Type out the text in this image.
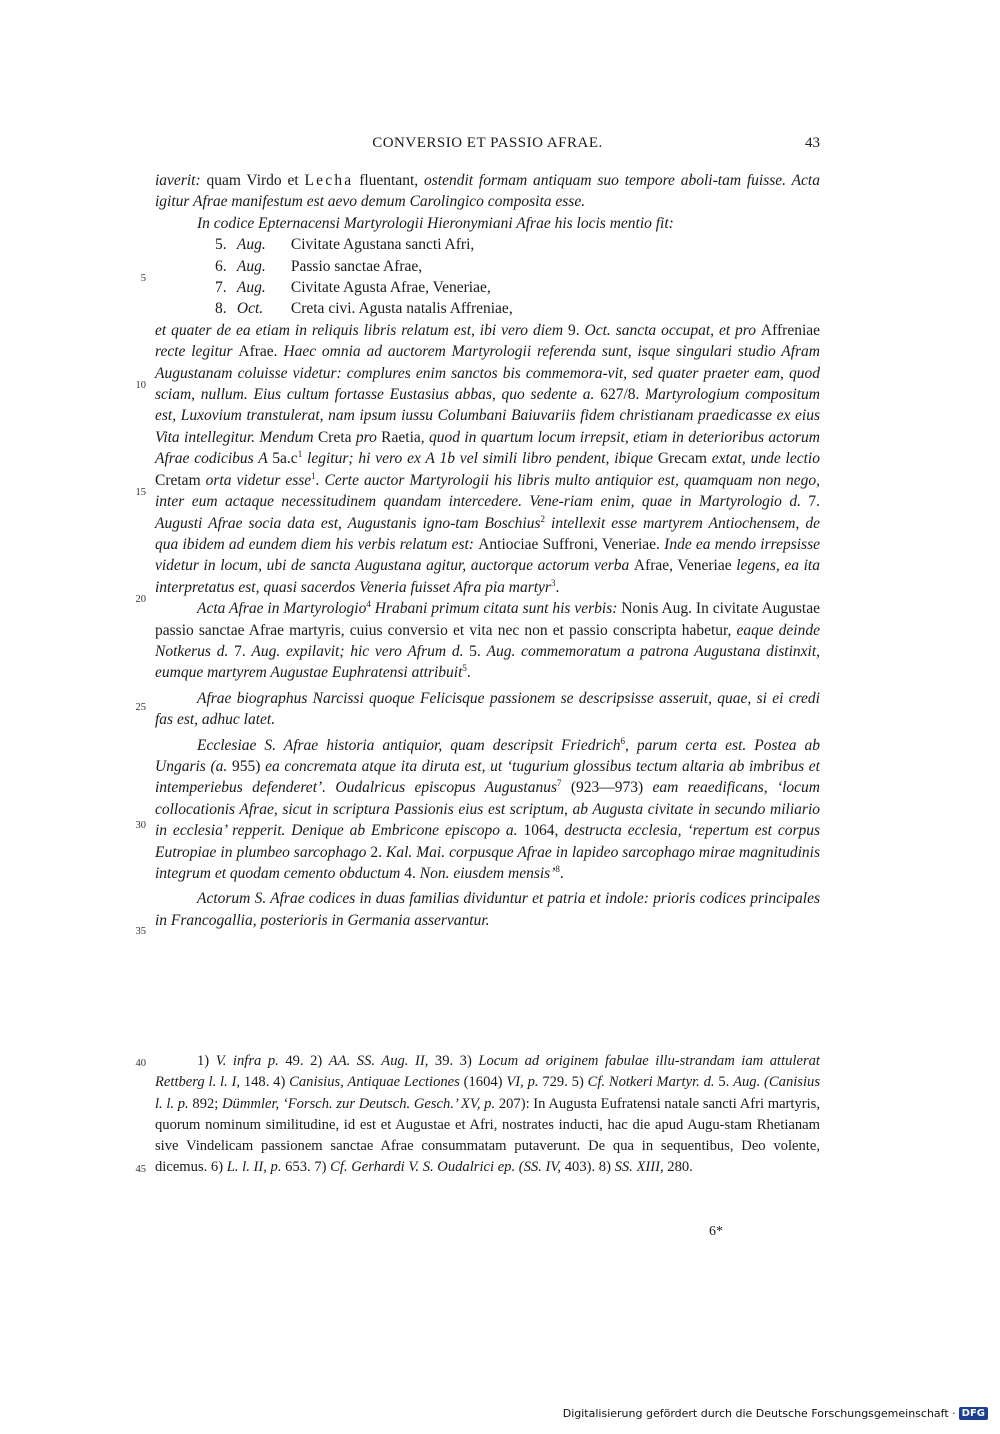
CONVERSIO ET PASSIO AFRAE.	43
5
10
15
20
25
30
35
40
45

iaverit: quam Virdo et Lecha fluentant, ostendit formam antiquam suo tempore aboli-tam fuisse. Acta igitur Afrae manifestum est aevo demum Carolingico composita esse.

In codice Epternacensi Martyrologii Hieronymiani Afrae his locis mentio fit:

5. Aug. Civitate Agustana sancti Afri,
6. Aug. Passio sanctae Afrae,
7. Aug. Civitate Agusta Afrae, Veneriae,
8. Oct. Creta civi. Agusta natalis Affreniae,

et quater de ea etiam in reliquis libris relatum est, ibi vero diem 9. Oct. sancta occupat, et pro Affreniae recte legitur Afrae. Haec omnia ad auctorem Martyrologii referenda sunt, isque singulari studio Afram Augustanam coluisse videtur: complures enim sanctos bis commemora-vit, sed quater praeter eam, quod sciam, nullum. Eius cultum fortasse Eustasius abbas, quo sedente a. 627/8. Martyrologium compositum est, Luxovium transtulerat, nam ipsum iussu Columbani Baiuvariis fidem christianam praedicasse ex eius Vita intellegitur. Mendum Creta pro Raetia, quod in quartum locum irrepsit, etiam in deterioribus actorum Afrae codicibus A $5a.c^1$ legitur; hi vero ex A 1b vel simili libro pendent, ibique Grecam extat, unde lectio Cretam orta videtur esse$^1$. Certe auctor Martyrologii his libris multo antiquior est, quamquam non nego, inter eum actaque necessitudinem quandam intercedere. Vene-riam enim, quae in Martyrologio d. 7. Augusti Afrae socia data est, Augustanis igno-tam Boschius$^2$ intellexit esse martyrem Antiochensem, de qua ibidem ad eundem diem his verbis relatum est: Antiociae Suffroni, Veneriae. Inde ea mendo irrepsisse videtur in locum, ubi de sancta Augustana agitur, auctorque actorum verba Afrae, Veneriae legens, ea ita interpretatus est, quasi sacerdos Veneria fuisset Afra pia martyr$^3$.

Acta Afrae in Martyrologio$^4$ Hrabani primum citata sunt his verbis: Nonis Aug. In civitate Augustae passio sanctae Afrae martyris, cuius conversio et vita nec non et passio conscripta habetur, eaque deinde Notkerus d. 7. Aug. expilavit; hic vero Afrum d. 5. Aug. commemoratum a patrona Augustana distinxit, eumque martyrem Augustae Euphratensi attribuit$^5$.

Afrae biographus Narcissi quoque Felicisque passionem se descripsisse asseruit, quae, si ei credi fas est, adhuc latet.

Ecclesiae S. Afrae historia antiquior, quam descripsit Friedrich$^6$, parum certa est. Postea ab Ungaris (a. 955) ea concremata atque ita diruta est, ut ‘tugurium glossibus tectum altaria ab imbribus et intemperiebus defenderet’. Oudalricus episcopus Augustanus$^7$ (923—973) eam reaedificans, ‘locum collocationis Afrae, sicut in scriptura Passionis eius est scriptum, ab Augusta civitate in secundo miliario in ecclesia’ repperit. Denique ab Embricone episcopo a. 1064, destructa ecclesia, ‘repertum est corpus Eutropiae in plumbeo sarcophago 2. Kal. Mai. corpusque Afrae in lapideo sarcophago mirae magnitudinis integrum et quodam cemento obductum 4. Non. eiusdem mensis’$^8$.

Actorum S. Afrae codices in duas familias dividuntur et patria et indole: prioris codices principales in Francogallia, posterioris in Germania asservantur.

1) V. infra p. 49. 2) AA. SS. Aug. II, 39. 3) Locum ad originem fabulae illu-strandam iam attulerat Rettberg l. l. I, 148. 4) Canisius, Antiquae Lectiones (1604) VI, p. 729. 5) Cf. Notkeri Martyr. d. 5. Aug. (Canisius l. l. p. 892; Dümmler, ‘Forsch. zur Deutsch. Gesch.’ XV, p. 207): In Augusta Eufratensi natale sancti Afri martyris, quorum nominum similitudine, id est et Augustae et Afri, nostrates inducti, hac die apud Augu-stam Rhetianam sive Vindelicam passionem sanctae Afrae consummatam putaverunt. De qua in sequentibus, Deo volente, dicemus. 6) L. l. II, p. 653. 7) Cf. Gerhardi V. S. Oudalrici ep. (SS. IV, 403). 8) SS. XIII, 280.

6*
Digitalisierung gefördert durch die Deutsche Forschungsgemeinschaft · DFG
